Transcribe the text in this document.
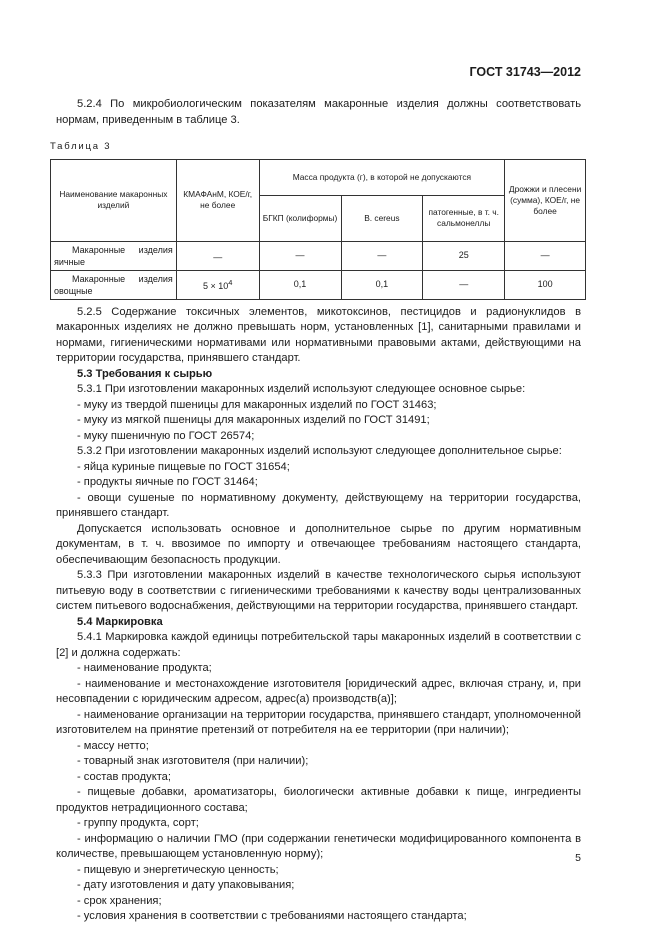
ГОСТ 31743—2012

5.2.4 По микробиологическим показателям макаронные изделия должны соответствовать нормам, приведенным в таблице 3.

Таблица 3
Наименование макаронных изделий	КМАФАнМ, КОЕ/г, не более	Масса продукта (г), в которой не допускаются			Дрожжи и плесени (сумма), КОЕ/г, не более
		БГКП (колиформы)	B. cereus	патогенные, в т. ч. сальмонеллы	

Макаронные изделия
яичные	—	—	—	25	—

Макаронные изделия
овощные	$5 \times 10^4$	0,1	0,1	—	100

5.2.5 Содержание токсичных элементов, микотоксинов, пестицидов и радионуклидов в макаронных изделиях не должно превышать норм, установленных [1], санитарными правилами и нормами, гигиеническими нормативами или нормативными правовыми актами, действующими на территории государства, принявшего стандарт.

5.3 Требования к сырью

5.3.1 При изготовлении макаронных изделий используют следующее основное сырье:

- муку из твердой пшеницы для макаронных изделий по ГОСТ 31463;

- муку из мягкой пшеницы для макаронных изделий по ГОСТ 31491;

- муку пшеничную по ГОСТ 26574;

5.3.2 При изготовлении макаронных изделий используют следующее дополнительное сырье:

- яйца куриные пищевые по ГОСТ 31654;

- продукты яичные по ГОСТ 31464;

- овощи сушеные по нормативному документу, действующему на территории государства, принявшего стандарт.

Допускается использовать основное и дополнительное сырье по другим нормативным документам, в т. ч. ввозимое по импорту и отвечающее требованиям настоящего стандарта, обеспечивающим безопасность продукции.

5.3.3 При изготовлении макаронных изделий в качестве технологического сырья используют питьевую воду в соответствии с гигиеническими требованиями к качеству воды централизованных систем питьевого водоснабжения, действующими на территории государства, принявшего стандарт.

5.4 Маркировка

5.4.1 Маркировка каждой единицы потребительской тары макаронных изделий в соответствии с [2] и должна содержать:

- наименование продукта;

- наименование и местонахождение изготовителя [юридический адрес, включая страну, и, при несовпадении с юридическим адресом, адрес(а) производств(а)];

- наименование организации на территории государства, принявшего стандарт, уполномоченной изготовителем на принятие претензий от потребителя на ее территории (при наличии);

- массу нетто;

- товарный знак изготовителя (при наличии);

- состав продукта;

- пищевые добавки, ароматизаторы, биологически активные добавки к пище, ингредиенты продуктов нетрадиционного состава;

- группу продукта, сорт;

- информацию о наличии ГМО (при содержании генетически модифицированного компонента в количестве, превышающем установленную норму);

- пищевую и энергетическую ценность;

- дату изготовления и дату упаковывания;

- срок хранения;

- условия хранения в соответствии с требованиями настоящего стандарта;

5
